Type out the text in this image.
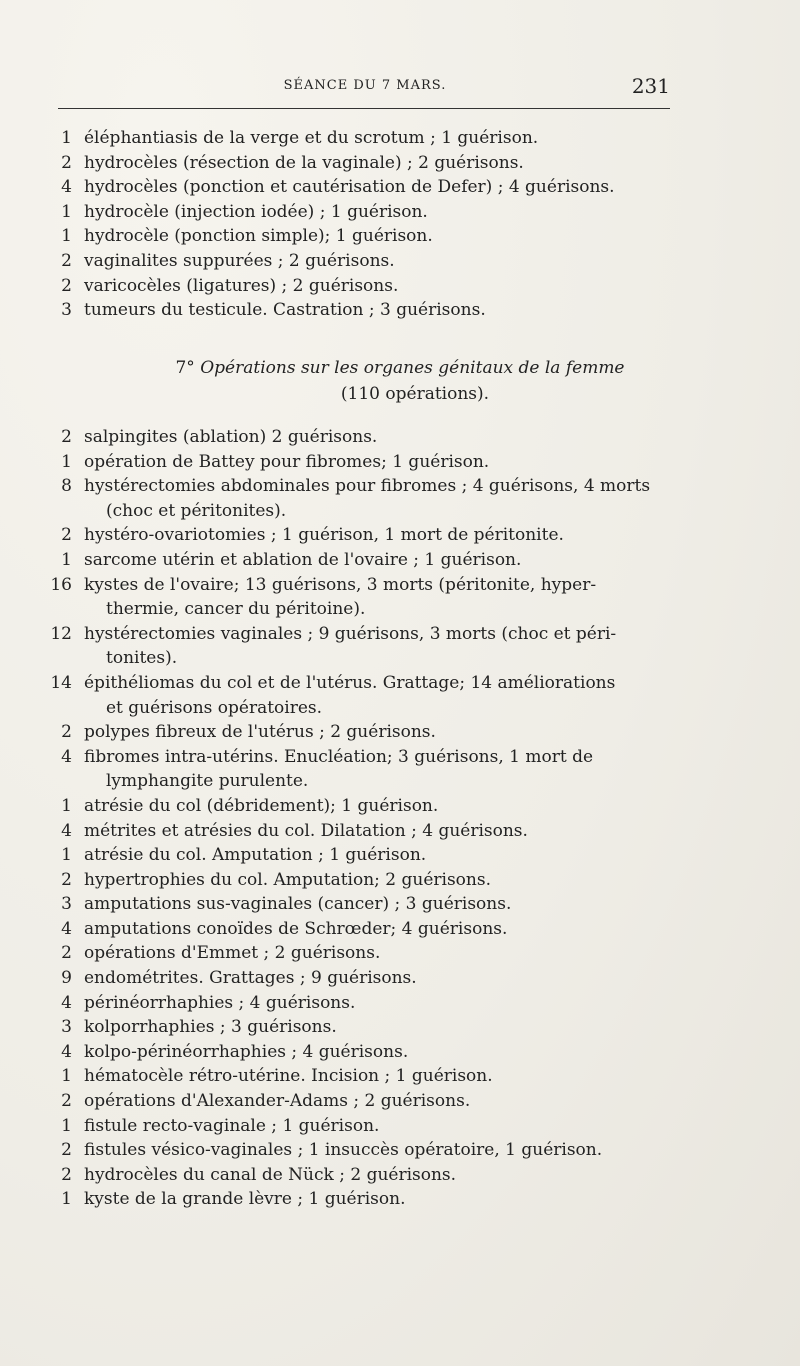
SÉANCE DU 7 MARS.	231
1 éléphantiasis de la verge et du scrotum ; 1 guérison.
2 hydrocèles (résection de la vaginale) ; 2 guérisons.
4 hydrocèles (ponction et cautérisation de Defer) ; 4 guérisons.
1 hydrocèle (injection iodée) ; 1 guérison.
1 hydrocèle (ponction simple); 1 guérison.
2 vaginalites suppurées ; 2 guérisons.
2 varicocèles (ligatures) ; 2 guérisons.
3 tumeurs du testicule. Castration ; 3 guérisons.
7° Opérations sur les organes génitaux de la femme
(110 opérations).
2 salpingites (ablation) 2 guérisons.
1 opération de Battey pour fibromes; 1 guérison.
8 hystérectomies abdominales pour fibromes ; 4 guérisons, 4 morts
(choc et péritonites).
2 hystéro-ovariotomies ; 1 guérison, 1 mort de péritonite.
1 sarcome utérin et ablation de l'ovaire ; 1 guérison.
16 kystes de l'ovaire; 13 guérisons, 3 morts (péritonite, hyper-
thermie, cancer du péritoine).
12 hystérectomies vaginales ; 9 guérisons, 3 morts (choc et péri-
tonites).
14 épithéliomas du col et de l'utérus. Grattage; 14 améliorations
et guérisons opératoires.
2 polypes fibreux de l'utérus ; 2 guérisons.
4 fibromes intra-utérins. Enucléation; 3 guérisons, 1 mort de
lymphangite purulente.
1 atrésie du col (débridement); 1 guérison.
4 métrites et atrésies du col. Dilatation ; 4 guérisons.
1 atrésie du col. Amputation ; 1 guérison.
2 hypertrophies du col. Amputation; 2 guérisons.
3 amputations sus-vaginales (cancer) ; 3 guérisons.
4 amputations conoïdes de Schrœder; 4 guérisons.
2 opérations d'Emmet ; 2 guérisons.
9 endométrites. Grattages ; 9 guérisons.
4 périnéorrhaphies ; 4 guérisons.
3 kolporrhaphies ; 3 guérisons.
4 kolpo-périnéorrhaphies ; 4 guérisons.
1 hématocèle rétro-utérine. Incision ; 1 guérison.
2 opérations d'Alexander-Adams ; 2 guérisons.
1 fistule recto-vaginale ; 1 guérison.
2 fistules vésico-vaginales ; 1 insuccès opératoire, 1 guérison.
2 hydrocèles du canal de Nück ; 2 guérisons.
1 kyste de la grande lèvre ; 1 guérison.
